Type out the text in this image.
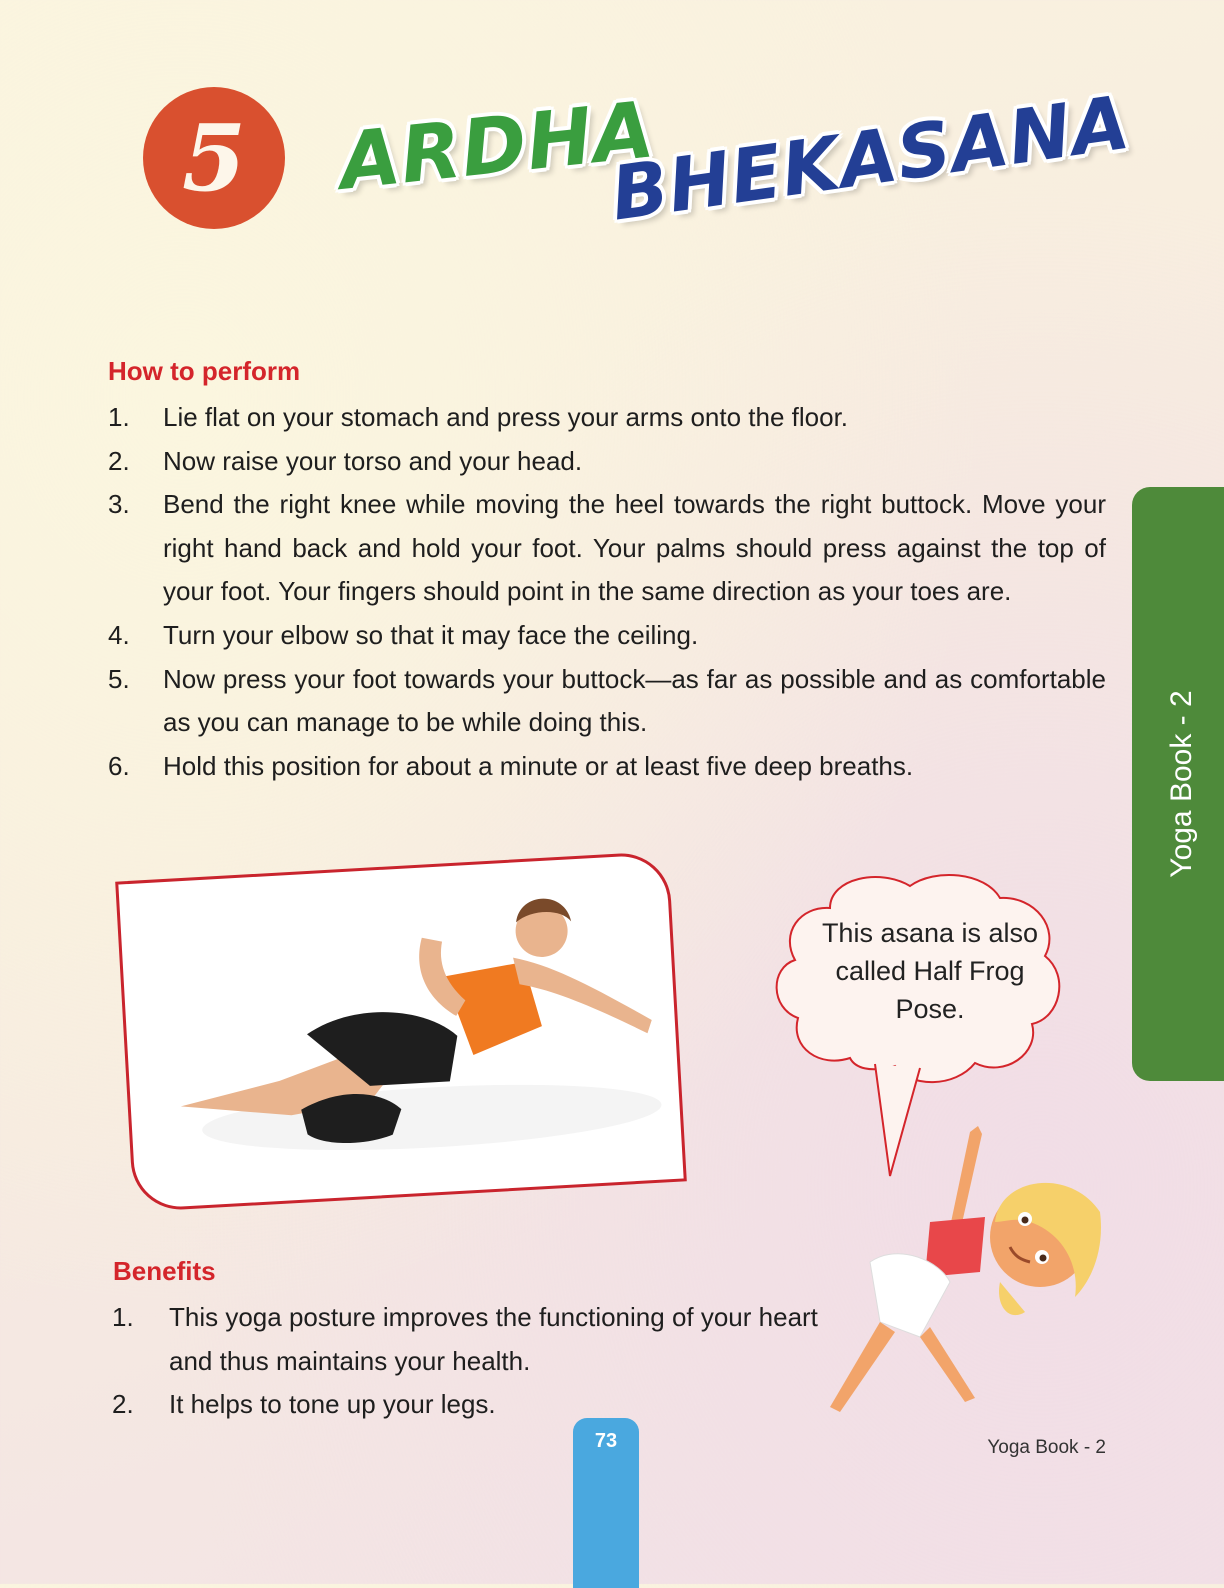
5 ARDHA
BHEKASANA
How to perform
1.	Lie flat on your stomach and press your arms onto the floor.
2.	Now raise your torso and your head.
3.	Bend the right knee while moving the heel towards the right buttock. Move your right hand back and hold your foot. Your palms should press against the top of your foot. Your fingers should point in the same direction as your toes are.
4.	Turn your elbow so that it may face the ceiling.
5.	Now press your foot towards your buttock—as far as possible and as comfortable as you can manage to be while doing this.
6.	Hold this position for about a minute or at least five deep breaths.
This asana is also called Half Frog Pose.
Yoga Book - 2
Benefits
1.	This yoga posture improves the functioning of your heart and thus maintains your health.
2.	It helps to tone up your legs.
73	Yoga Book - 2
